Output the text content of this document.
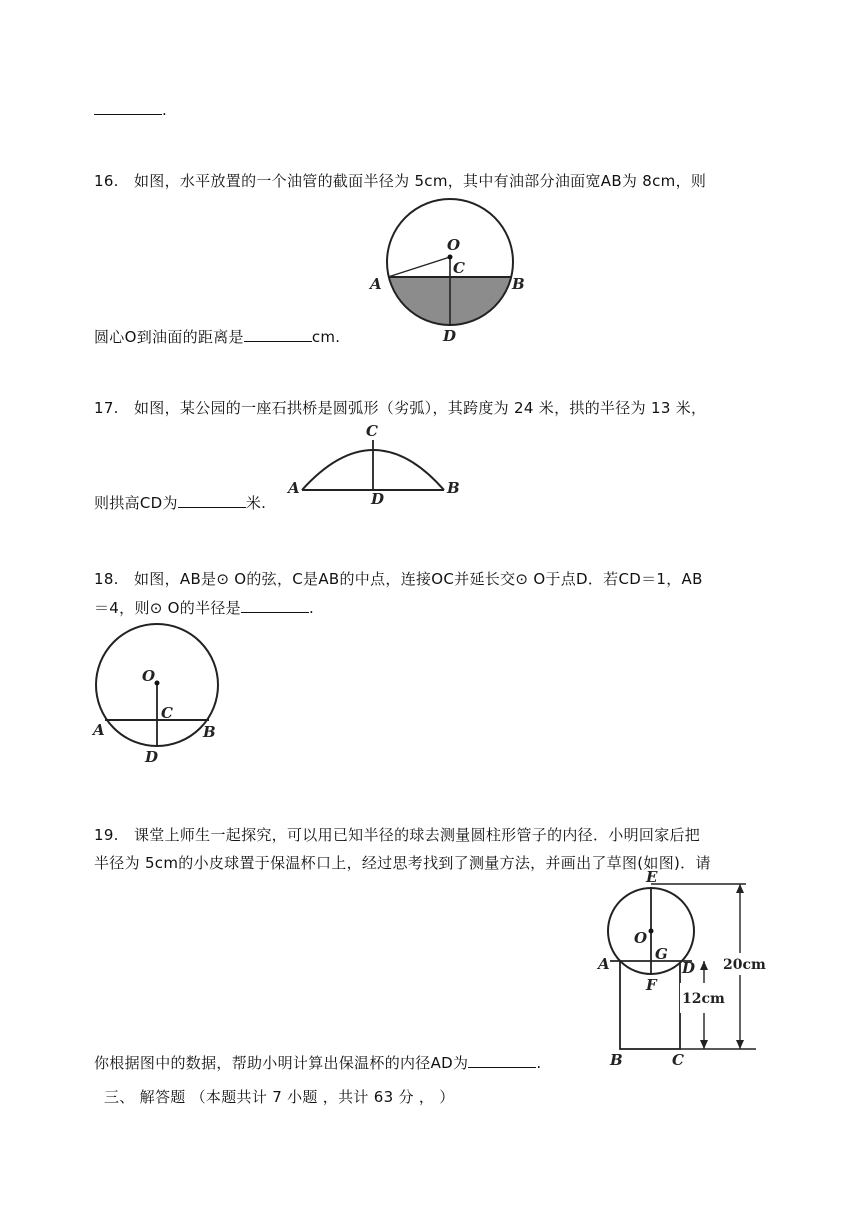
.
16. 如图，水平放置的一个油管的截面半径为 5cm，其中有油部分油面宽AB为 8cm，则
O
C
A	B
D
圆心O到油面的距离是	cm.
17. 如图，某公园的一座石拱桥是圆弧形（劣弧），其跨度为 24 米，拱的半径为 13 米，
C
A	B
D
则拱高CD为	米.
18. 如图，AB是⊙ O的弦，C是AB的中点，连接OC并延长交⊙ O于点D．若CD＝1，AB
＝4，则⊙ O的半径是	.
O
C
A	B
D
19. 课堂上师生一起探究，可以用已知半径的球去测量圆柱形管子的内径．小明回家后把
半径为 5cm的小皮球置于保温杯口上，经过思考找到了测量方法，并画出了草图(如图)．请
12cm
20cm
E
O
G
A	D
F
B	C
你根据图中的数据，帮助小明计算出保温杯的内径AD为	.
三、 解答题 （本题共计 7 小题 ，共计 63 分 ， ）
